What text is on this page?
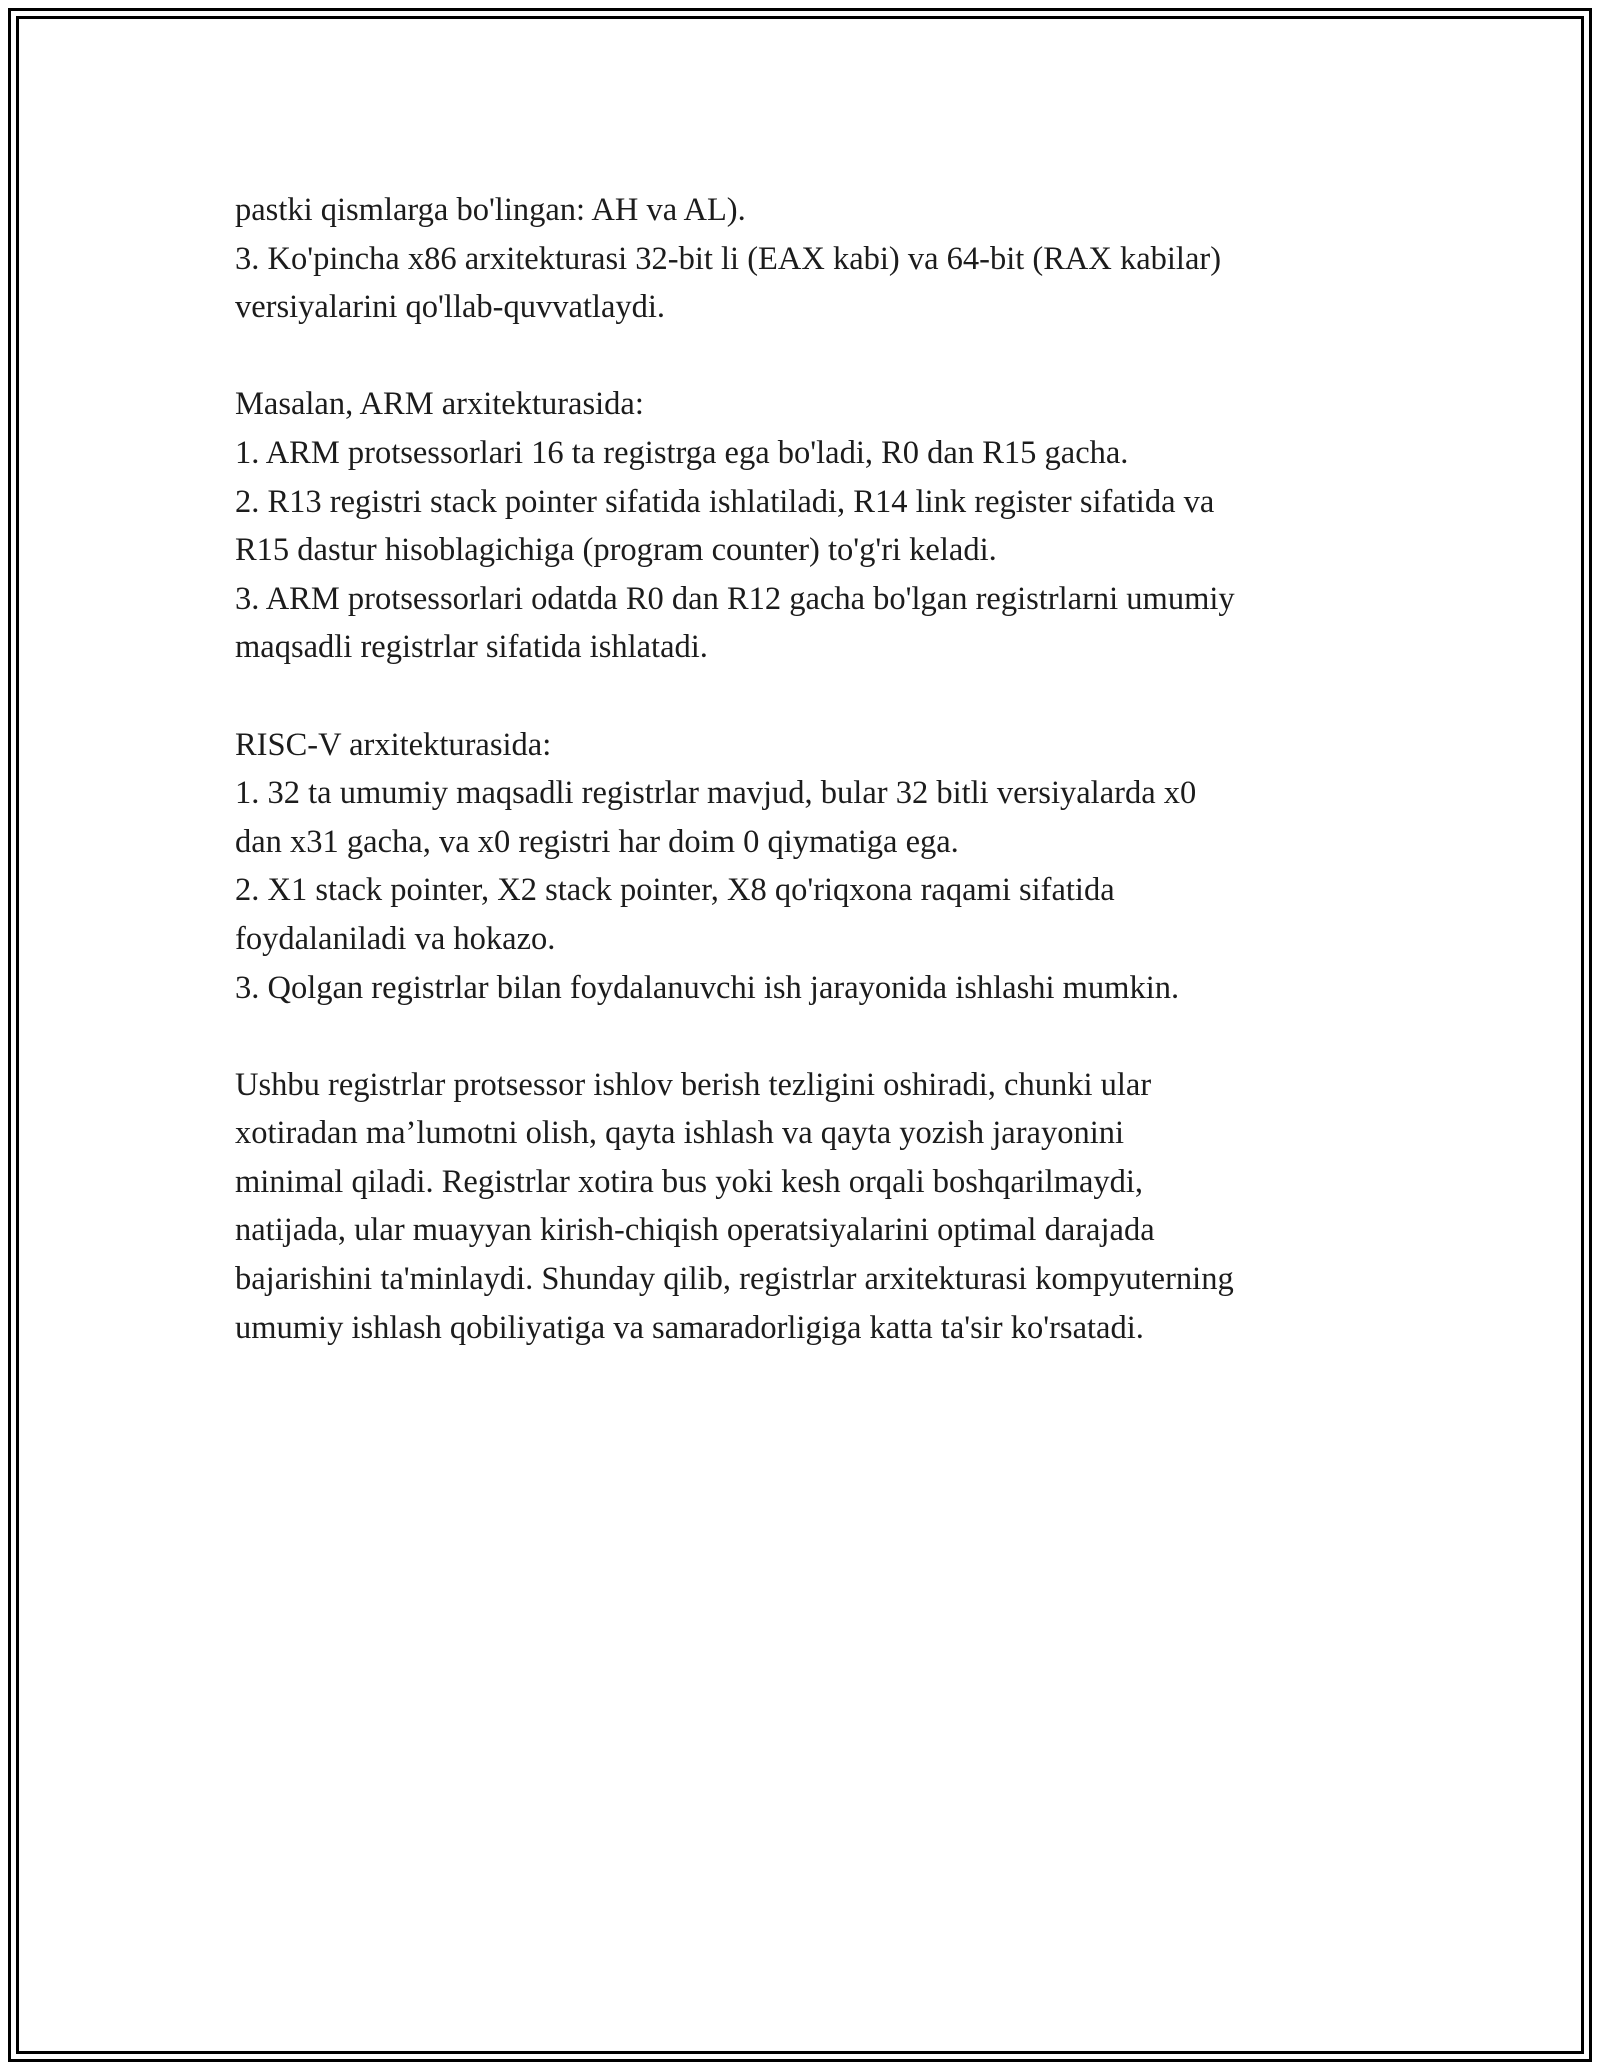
pastki qismlarga bo'lingan: AH va AL).
3. Ko'pincha x86 arxitekturasi 32-bit li (EAX kabi) va 64-bit (RAX kabilar)
versiyalarini qo'llab-quvvatlaydi.
Masalan, ARM arxitekturasida:
1. ARM protsessorlari 16 ta registrga ega bo'ladi, R0 dan R15 gacha.
2. R13 registri stack pointer sifatida ishlatiladi, R14 link register sifatida va
R15 dastur hisoblagichiga (program counter) to'g'ri keladi.
3. ARM protsessorlari odatda R0 dan R12 gacha bo'lgan registrlarni umumiy
maqsadli registrlar sifatida ishlatadi.
RISC-V arxitekturasida:
1. 32 ta umumiy maqsadli registrlar mavjud, bular 32 bitli versiyalarda x0
dan x31 gacha, va x0 registri har doim 0 qiymatiga ega.
2. X1 stack pointer, X2 stack pointer, X8 qo'riqxona raqami sifatida
foydalaniladi va hokazo.
3. Qolgan registrlar bilan foydalanuvchi ish jarayonida ishlashi mumkin.
Ushbu registrlar protsessor ishlov berish tezligini oshiradi, chunki ular
xotiradan ma’lumotni olish, qayta ishlash va qayta yozish jarayonini
minimal qiladi. Registrlar xotira bus yoki kesh orqali boshqarilmaydi,
natijada, ular muayyan kirish-chiqish operatsiyalarini optimal darajada
bajarishini ta'minlaydi. Shunday qilib, registrlar arxitekturasi kompyuterning
umumiy ishlash qobiliyatiga va samaradorligiga katta ta'sir ko'rsatadi.
